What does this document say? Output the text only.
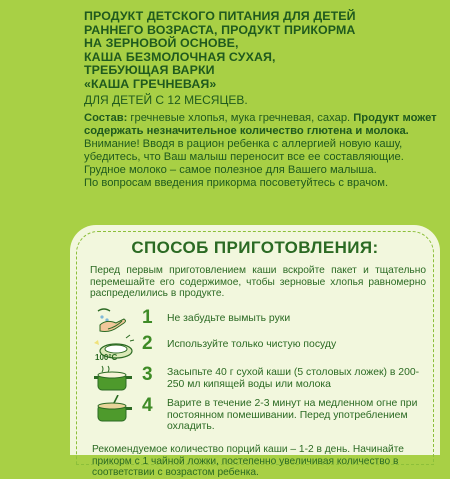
ПРОДУКТ ДЕТСКОГО ПИТАНИЯ ДЛЯ ДЕТЕЙ
РАННЕГО ВОЗРАСТА, ПРОДУКТ ПРИКОРМА
НА ЗЕРНОВОЙ ОСНОВЕ,
КАША БЕЗМОЛОЧНАЯ СУХАЯ,
ТРЕБУЮЩАЯ ВАРКИ
«КАША ГРЕЧНЕВАЯ»

ДЛЯ ДЕТЕЙ С 12 МЕСЯЦЕВ.

Состав: гречневые хлопья, мука гречневая, сахар. Продукт может содержать незначительное количество глютена и молока.

Внимание! Вводя в рацион ребенка с аллергией новую кашу, убедитесь, что Ваш малыш переносит все ее составляющие.
Грудное молоко – самое полезное для Вашего малыша.
По вопросам введения прикорма посоветуйтесь с врачом.

СПОСОБ ПРИГОТОВЛЕНИЯ:
Перед первым приготовлением каши вскройте пакет и тщательно перемешайте его содержимое, чтобы зерновые хлопья равномерно распределились в продукте.
1 Не забудьте вымыть руки
2 Используйте только чистую посуду
100°C
3 Засыпьте 40 г сухой каши (5 столовых ложек) в 200-250 мл кипящей воды или молока
4 Варите в течение 2-3 минут на медленном огне при постоянном помешивании. Перед употреблением охладить.
Рекомендуемое количество порций каши – 1-2 в день. Начинайте прикорм с 1 чайной ложки, постепенно увеличивая количество в соответствии с возрастом ребенка.
